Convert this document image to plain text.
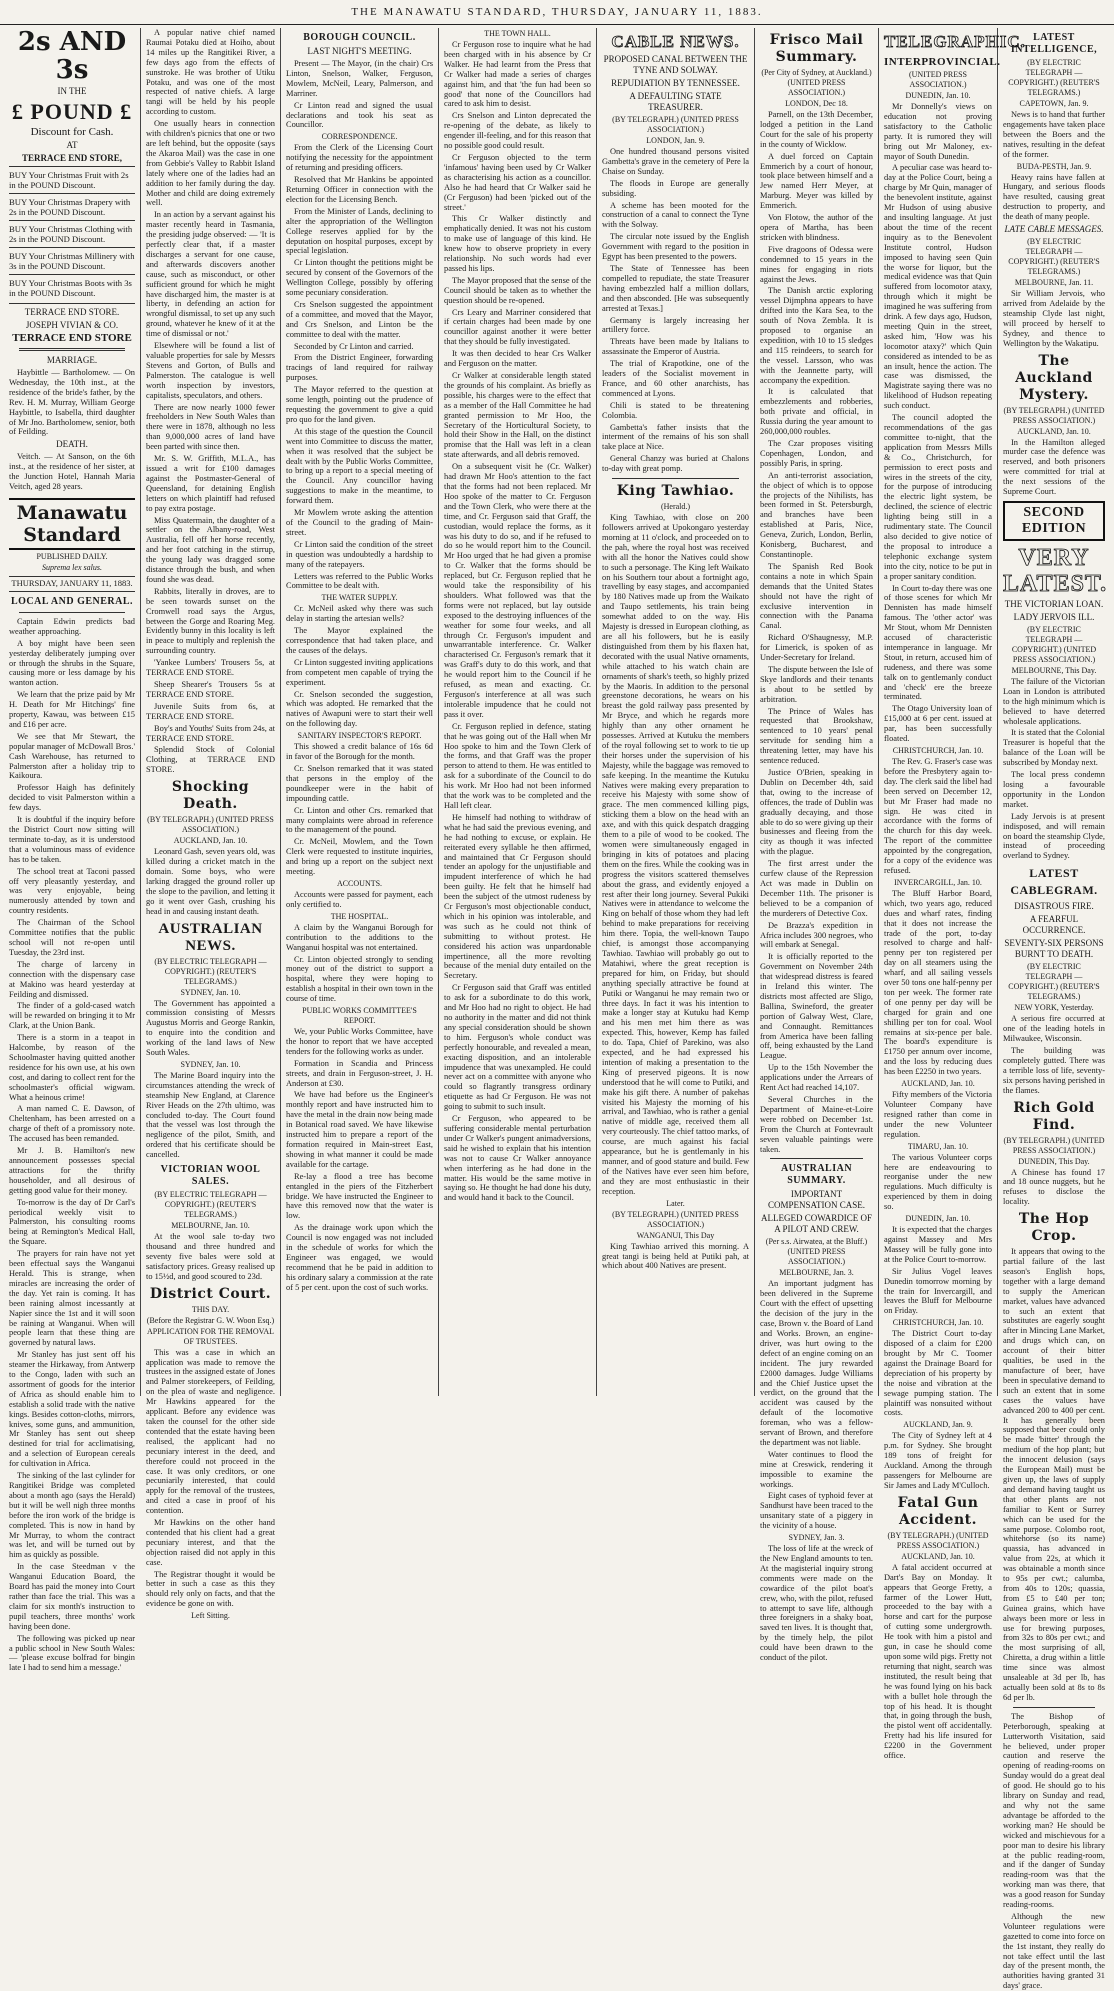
THE MANAWATU STANDARD, THURSDAY, JANUARY 11, 1883.
2s AND 3s
IN THE
£ POUND £
Discount for Cash.
AT
TERRACE END STORE,
BUY Your Christmas Fruit with 2s in the POUND Discount.
BUY Your Christmas Drapery with 2s in the POUND Discount.
BUY Your Christmas Clothing with 2s in the POUND Discount.
BUY Your Christmas Millinery with 3s in the POUND Discount.
BUY Your Christmas Boots with 3s in the POUND Discount.
TERRACE END STORE.
JOSEPH VIVIAN & CO.
TERRACE END STORE
MARRIAGE.

Haybittle — Bartholomew. — On Wednesday, the 10th inst., at the residence of the bride's father, by the Rev. H. M. Murray, William George Haybittle, to Isabella, third daughter of Mr Jno. Bartholomew, senior, both of Feilding.

DEATH.

Veitch. — At Sanson, on the 6th inst., at the residence of her sister, at the Junction Hotel, Hannah Maria Veitch, aged 28 years.

Manawatu Standard
PUBLISHED DAILY.
Suprema lex salus.
THURSDAY, JANUARY 11, 1883.
LOCAL AND GENERAL.

Captain Edwin predicts bad weather approaching.

A boy might have been seen yesterday deliberately jumping over or through the shrubs in the Square, causing more or less damage by his wanton action.

We learn that the prize paid by Mr H. Death for Mr Hitchings' fine property, Kawau, was between £15 and £16 per acre.

We see that Mr Stewart, the popular manager of McDowall Bros.' Cash Warehouse, has returned to Palmerston after a holiday trip to Kaikoura.

Professor Haigh has definitely decided to visit Palmerston within a few days.

It is doubtful if the inquiry before the District Court now sitting will terminate to-day, as it is understood that a voluminous mass of evidence has to be taken.

The school treat at Taconi passed off very pleasantly yesterday, and was very enjoyable, being numerously attended by town and country residents.

The Chairman of the School Committee notifies that the public school will not re-open until Tuesday, the 23rd inst.

The charge of larceny in connection with the dispensary case at Makino was heard yesterday at Feilding and dismissed.

The finder of a gold-cased watch will be rewarded on bringing it to Mr Clark, at the Union Bank.

There is a storm in a teapot in Halcombe, by reason of the Schoolmaster having quitted another residence for his own use, at his own cost, and daring to collect rent for the schoolmaster's official wigwam. What a heinous crime!

A man named C. E. Dawson, of Cheltenham, has been arrested on a charge of theft of a promissory note. The accused has been remanded.

Mr J. B. Hamilton's new announcement possesses special attractions for the thrifty householder, and all desirous of getting good value for their money.

To-morrow is the day of Dr Carl's periodical weekly visit to Palmerston, his consulting rooms being at Remington's Medical Hall, the Square.

The prayers for rain have not yet been effectual says the Wanganui Herald. This is strange, when miracles are increasing the order of the day. Yet rain is coming. It has been raining almost incessantly at Napier since the 1st and it will soon be raining at Wanganui. When will people learn that these thing are governed by natural laws.

Mr Stanley has just sent off his steamer the Hirkaway, from Antwerp to the Congo, laden with such an assortment of goods for the interior of Africa as should enable him to establish a solid trade with the native kings. Besides cotton-cloths, mirrors, knives, some guns, and ammunition, Mr Stanley has sent out sheep destined for trial for acclimatising, and a selection of European cereals for cultivation in Africa.

The sinking of the last cylinder for Rangitikei Bridge was completed about a month ago (says the Herald) but it will be well nigh three months before the iron work of the bridge is completed. This is now in hand by Mr Murray, to whom the contract was let, and will be turned out by him as quickly as possible.

In the case Steedman v the Wanganui Education Board, the Board has paid the money into Court rather than face the trial. This was a claim for six month's instruction to pupil teachers, three months' work having been done.

The following was picked up near a public school in New South Wales: — 'please excuse bolfrad for bingin late I had to send him a message.'

A popular native chief named Raumai Potaku died at Hoiho, about 14 miles up the Rangitikei River, a few days ago from the effects of sunstroke. He was brother of Utiku Potaku, and was one of the most respected of native chiefs. A large tangi will be held by his people according to custom.

One usually hears in connection with children's picnics that one or two are left behind, but the opposite (says the Akaroa Mail) was the case in one from Gebbie's Valley to Rabbit Island lately where one of the ladies had an addition to her family during the day. Mother and child are doing extremely well.

In an action by a servant against his master recently heard in Tasmania, the presiding judge observed: — 'It is perfectly clear that, if a master discharges a servant for one cause, and afterwards discovers another cause, such as misconduct, or other sufficient ground for which he might have discharged him, the master is at liberty, in defending an action for wrongful dismissal, to set up any such ground, whatever he knew of it at the time of dismissal or not.'

Elsewhere will be found a list of valuable properties for sale by Messrs Stevens and Gorton, of Bulls and Palmerston. The catalogue is well worth inspection by investors, capitalists, speculators, and others.

There are now nearly 1000 fewer freeholders in New South Wales than there were in 1878, although no less than 9,000,000 acres of land have been parted with since then.

Mr. S. W. Griffith, M.L.A., has issued a writ for £100 damages against the Postmaster-General of Queensland, for detaining English letters on which plaintiff had refused to pay extra postage.

Miss Quatermain, the daughter of a settler on the Albany-road, West Australia, fell off her horse recently, and her foot catching in the stirrup, the young lady was dragged some distance through the bush, and when found she was dead.

Rabbits, literally in droves, are to be seen towards sunset on the Cromwell road says the Argus, between the Gorge and Roaring Meg. Evidently bunny in this locality is left in peace to multiply and replenish the surrounding country.

'Yankee Lumbers' Trousers 5s, at TERRACE END STORE.

Sheep Shearer's Trousers 5s at TERRACE END STORE.

Juvenile Suits from 6s, at TERRACE END STORE.

Boy's and Youths' Suits from 24s, at TERRACE END STORE.

Splendid Stock of Colonial Clothing, at TERRACE END STORE.

Shocking Death.
(BY TELEGRAPH.) (UNITED PRESS ASSOCIATION.)
AUCKLAND, Jan. 10.

Leonard Gash, seven years old, was killed during a cricket match in the domain. Some boys, who were larking dragged the ground roller up the slope to the pavilion, and letting it go it went over Gash, crushing his head in and causing instant death.

AUSTRALIAN NEWS.
(BY ELECTRIC TELEGRAPH — COPYRIGHT.) (REUTER'S TELEGRAMS.)
SYDNEY, Jan. 10.

The Government has appointed a commission consisting of Messrs Augustus Morris and George Rankin, to enquire into the condition and working of the land laws of New South Wales.

SYDNEY, Jan. 10.

The Marine Board inquiry into the circumstances attending the wreck of steamship New England, at Clarence River Heads on the 27th ultimo, was concluded to-day. The Court found that the vessel was lost through the negligence of the pilot, Smith, and ordered that his certificate should be cancelled.

VICTORIAN WOOL SALES.
(BY ELECTRIC TELEGRAPH — COPYRIGHT.) (REUTER'S TELEGRAMS.)
MELBOURNE, Jan. 10.

At the wool sale to-day two thousand and three hundred and seventy five bales were sold at satisfactory prices. Greasy realised up to 15½d, and good scoured to 23d.

District Court.
THIS DAY.
(Before the Registrar G. W. Woon Esq.)
APPLICATION FOR THE REMOVAL OF TRUSTEES.

This was a case in which an application was made to remove the trustees in the assigned estate of Jones and Palmer storekeepers, of Feilding, on the plea of waste and negligence. Mr Hawkins appeared for the applicant. Before any evidence was taken the counsel for the other side contended that the estate having been realised, the applicant had no pecuniary interest in the deed, and therefore could not proceed in the case. It was only creditors, or one pecuniarily interested, that could apply for the removal of the trustees, and cited a case in proof of his contention.

Mr Hawkins on the other hand contended that his client had a great pecuniary interest, and that the objection raised did not apply in this case.

The Registrar thought it would be better in such a case as this they should rely only on facts, and that the evidence be gone on with.

Left Sitting.
BOROUGH COUNCIL.
LAST NIGHT'S MEETING.

Present — The Mayor, (in the chair) Crs Linton, Snelson, Walker, Ferguson, Mowlem, McNeil, Leary, Palmerson, and Marriner.

Cr Linton read and signed the usual declarations and took his seat as Councillor.

CORRESPONDENCE.

From the Clerk of the Licensing Court notifying the necessity for the appointment of returning and presiding officers.

Resolved that Mr Hankins be appointed Returning Officer in connection with the election for the Licensing Bench.

From the Minister of Lands, declining to alter the appropriation of the Wellington College reserves applied for by the deputation on hospital purposes, except by special legislation.

Cr Linton thought the petitions might be secured by consent of the Governors of the Wellington College, possibly by offering some pecuniary consideration.

Crs Snelson suggested the appointment of a committee, and moved that the Mayor, and Crs Snelson, and Linton be the committee to deal with the matter.

Seconded by Cr Linton and carried.

From the District Engineer, forwarding tracings of land required for railway purposes.

The Mayor referred to the question at some length, pointing out the prudence of requesting the government to give a quid pro quo for the land given.

At this stage of the question the Council went into Committee to discuss the matter, when it was resolved that the subject be dealt with by the Public Works Committee, to bring up a report to a special meeting of the Council. Any councillor having suggestions to make in the meantime, to forward them.

Mr Mowlem wrote asking the attention of the Council to the grading of Main-street.

Cr Linton said the condition of the street in question was undoubtedly a hardship to many of the ratepayers.

Letters was referred to the Public Works Committee to be dealt with.

THE WATER SUPPLY.

Cr. McNeil asked why there was such delay in starting the artesian wells?

The Mayor explained the correspondence that had taken place, and the causes of the delays.

Cr Linton suggested inviting applications from competent men capable of trying the experiment.

Cr. Snelson seconded the suggestion, which was adopted. He remarked that the natives of Awapuni were to start their well on the following day.

SANITARY INSPECTOR'S REPORT.

This showed a credit balance of 16s 6d in favor of the Borough for the month.

Cr. Snelson remarked that it was stated that persons in the employ of the poundkeeper were in the habit of impounding cattle.

Cr. Linton and other Crs. remarked that many complaints were abroad in reference to the management of the pound.

Cr. McNeil, Mowlem, and the Town Clerk were requested to institute inquiries, and bring up a report on the subject next meeting.

ACCOUNTS.

Accounts were passed for payment, each only certified to.

THE HOSPITAL.

A claim by the Wanganui Borough for contribution to the additions to the Wanganui hospital was not entertained.

Cr. Linton objected strongly to sending money out of the district to support a hospital, where they were hoping to establish a hospital in their own town in the course of time.

PUBLIC WORKS COMMITTEE'S REPORT.

We, your Public Works Committee, have the honor to report that we have accepted tenders for the following works as under.

Formation in Scandia and Princess streets, and drain in Ferguson-street, J. H. Anderson at £30.

We have had before us the Engineer's monthly report and have instructed him to have the metal in the drain now being made in Botanical road saved. We have likewise instructed him to prepare a report of the formation required in Main-street East, showing in what manner it could be made available for the cartage.

Re-lay a flood a tree has become entangled in the piers of the Fitzherbert bridge. We have instructed the Engineer to have this removed now that the water is low.

As the drainage work upon which the Council is now engaged was not included in the schedule of works for which the Engineer was engaged, we would recommend that he be paid in addition to his ordinary salary a commission at the rate of 5 per cent. upon the cost of such works.

THE TOWN HALL.

Cr Ferguson rose to inquire what he had been charged with in his absence by Cr Walker. He had learnt from the Press that Cr Walker had made a series of charges against him, and that 'the fun had been so good' that none of the Councillors had cared to ask him to desist.

Crs Snelson and Linton deprecated the re-opening of the debate, as likely to engender ill-feeling, and for this reason that no possible good could result.

Cr Ferguson objected to the term 'infamous' having been used by Cr Walker as characterising his action as a councillor. Also he had heard that Cr Walker said he (Cr Ferguson) had been 'picked out of the street.'

This Cr Walker distinctly and emphatically denied. It was not his custom to make use of language of this kind. He knew how to observe propriety in every relationship. No such words had ever passed his lips.

The Mayor proposed that the sense of the Council should be taken as to whether the question should be re-opened.

Crs Leary and Marriner considered that if certain charges had been made by one councillor against another it were better that they should be fully investigated.

It was then decided to hear Crs Walker and Ferguson on the matter.

Cr Walker at considerable length stated the grounds of his complaint. As briefly as possible, his charges were to the effect that as a member of the Hall Committee he had granted permission to Mr Hoo, the Secretary of the Horticultural Society, to hold their Show in the Hall, on the distinct promise that the Hall was left in a clean state afterwards, and all debris removed.

On a subsequent visit he (Cr. Walker) had drawn Mr Hoo's attention to the fact that the forms had not been replaced. Mr Hoo spoke of the matter to Cr. Ferguson and the Town Clerk, who were there at the time, and Cr. Ferguson said that Graff, the custodian, would replace the forms, as it was his duty to do so, and if he refused to do so he would report him to the Council. Mr Hoo urged that he had given a promise to Cr. Walker that the forms should be replaced, but Cr. Ferguson replied that he would take the responsibility of his shoulders. What followed was that the forms were not replaced, but lay outside exposed to the destroying influences of the weather for some four weeks, and all through Cr. Ferguson's impudent and unwarrantable interference. Cr. Walker characterised Cr. Ferguson's remark that it was Graff's duty to do this work, and that he would report him to the Council if he refused, as mean and exacting. Cr. Ferguson's interference at all was such intolerable impudence that he could not pass it over.

Cr. Ferguson replied in defence, stating that he was going out of the Hall when Mr Hoo spoke to him and the Town Clerk of the forms, and that Graff was the proper person to attend to them. He was entitled to ask for a subordinate of the Council to do his work. Mr Hoo had not been informed that the work was to be completed and the Hall left clear.

He himself had nothing to withdraw of what he had said the previous evening, and he had nothing to excuse, or explain. He reiterated every syllable he then affirmed, and maintained that Cr Ferguson should tender an apology for the unjustifiable and impudent interference of which he had been guilty. He felt that he himself had been the subject of the utmost rudeness by Cr Ferguson's most objectionable conduct, which in his opinion was intolerable, and was such as he could not think of submitting to without protest. He considered his action was unpardonable impertinence, all the more revolting because of the menial duty entailed on the Secretary.

Cr Ferguson said that Graff was entitled to ask for a subordinate to do this work, and Mr Hoo had no right to object. He had no authority in the matter and did not think any special consideration should be shown to him. Ferguson's whole conduct was perfectly honourable, and revealed a mean, exacting disposition, and an intolerable impudence that was unexampled. He could never act on a committee with anyone who could so flagrantly transgress ordinary etiquette as had Cr Ferguson. He was not going to submit to such insult.

Cr Ferguson, who appeared to be suffering considerable mental perturbation under Cr Walker's pungent animadversions, said he wished to explain that his intention was not to cause Cr Walker annoyance when interfering as he had done in the matter. His would be the same motive in saying so. He thought he had done his duty, and would hand it back to the Council.

CABLE NEWS.
PROPOSED CANAL BETWEEN THE TYNE AND SOLWAY.
REPUDIATION BY TENNESSEE.
A DEFAULTING STATE TREASURER.
(BY TELEGRAPH.) (UNITED PRESS ASSOCIATION.)
LONDON, Jan. 9.

One hundred thousand persons visited Gambetta's grave in the cemetery of Pere la Chaise on Sunday.

The floods in Europe are generally subsiding.

A scheme has been mooted for the construction of a canal to connect the Tyne with the Solway.

The circular note issued by the English Government with regard to the position in Egypt has been presented to the powers.

The State of Tennessee has been compelled to repudiate, the state Treasurer having embezzled half a million dollars, and then absconded. [He was subsequently arrested at Texas.]

Germany is largely increasing her artillery force.

Threats have been made by Italians to assassinate the Emperor of Austria.

The trial of Krapotkine, one of the leaders of the Socialist movement in France, and 60 other anarchists, has commenced at Lyons.

Chili is stated to be threatening Colombia.

Gambetta's father insists that the interment of the remains of his son shall take place at Nice.

General Chanzy was buried at Chalons to-day with great pomp.

King Tawhiao.
(Herald.)

King Tawhiao, with close on 200 followers arrived at Upokongaro yesterday morning at 11 o'clock, and proceeded on to the pah, where the royal host was received with all the honor the Natives could show to such a personage. The King left Waikato on his Southern tour about a fortnight ago, travelling by easy stages, and accompanied by 180 Natives made up from the Waikato and Taupo settlements, his train being somewhat added to on the way. His Majesty is dressed in European clothing, as are all his followers, but he is easily distinguished from them by his flaxen hat, decorated with the usual Native ornaments, while attached to his watch chain are ornaments of shark's teeth, so highly prized by the Maoris. In addition to the personal greenstone decorations, he wears on his breast the gold railway pass presented by Mr Bryce, and which he regards more highly than any other ornament he possesses. Arrived at Kutuku the members of the royal following set to work to tie up their horses under the supervision of his Majesty, while the baggage was removed to safe keeping. In the meantime the Kutuku Natives were making every preparation to receive his Majesty with some show of grace. The men commenced killing pigs, sticking them a blow on the head with an axe, and with this quick despatch dragging them to a pile of wood to be cooked. The women were simultaneously engaged in bringing in kits of potatoes and placing them on the fires. While the cooking was in progress the visitors scattered themselves about the grass, and evidently enjoyed a rest after their long journey. Several Pukiki Natives were in attendance to welcome the King on behalf of those whom they had left behind to make preparations for receiving him there. Topia, the well-known Taupo chief, is amongst those accompanying Tawhiao. Tawhiao will probably go out to Matahiwi, where the great reception is prepared for him, on Friday, but should anything specially attractive be found at Putiki or Wanganui he may remain two or three days. In fact it was his intention to make a longer stay at Kutuku had Kemp and his men met him there as was expected. This, however, Kemp has failed to do. Tapa, Chief of Parekino, was also expected, and he had expressed his intention of making a presentation to the King of preserved pigeons. It is now understood that he will come to Putiki, and make his gift there. A number of pakehas visited his Majesty the morning of his arrival, and Tawhiao, who is rather a genial native of middle age, received them all very courteously. The chief tattoo marks, of course, are much against his facial appearance, but he is gentlemanly in his manner, and of good stature and build. Few of the Natives have ever seen him before, and they are most enthusiastic in their reception.

Later.
(BY TELEGRAPH.) (UNITED PRESS ASSOCIATION.)
WANGANUI, This Day

King Tawhiao arrived this morning. A great tangi is being held at Putiki pah, at which about 400 Natives are present.

Frisco Mail Summary.
(Per City of Sydney, at Auckland.) (UNITED PRESS ASSOCIATION.)
LONDON, Dec 18.

Parnell, on the 13th December, lodged a petition in the Land Court for the sale of his property in the county of Wicklow.

A duel forced on Captain Emmerich by a court of honour, took place between himself and a Jew named Herr Meyer, at Marburg. Meyer was killed by Emmerich.

Von Flotow, the author of the opera of Martha, has been stricken with blindness.

Five dragoons of Odessa were condemned to 15 years in the mines for engaging in riots against the Jews.

The Danish arctic exploring vessel Dijmphna appears to have drifted into the Kara Sea, to the south of Nova Zembla. It is proposed to organise an expedition, with 10 to 15 sledges and 115 reindeers, to search for the vessel. Larsson, who was with the Jeannette party, will accompany the expedition.

It is calculated that embezzlements and robberies, both private and official, in Russia during the year amount to 260,000,000 roubles.

The Czar proposes visiting Copenhagen, London, and possibly Paris, in spring.

An anti-terrorist association, the object of which is to oppose the projects of the Nihilists, has been formed in St. Petersburgh, and branches have been established at Paris, Nice, Geneva, Zurich, London, Berlin, Konisberg, Bucharest, and Constantinople.

The Spanish Red Book contains a note in which Spain demands that the United States should not have the right of exclusive intervention in connection with the Panama Canal.

Richard O'Shaugnessy, M.P. for Limerick, is spoken of as Under-Secretary for Ireland.

The dispute between the Isle of Skye landlords and their tenants is about to be settled by arbitration.

The Prince of Wales has requested that Brookshaw, sentenced to 10 years' penal servitude for sending him a threatening letter, may have his sentence reduced.

Justice O'Brien, speaking in Dublin on December 4th, said that, owing to the increase of offences, the trade of Dublin was gradually decaying, and those able to do so were giving up their businesses and fleeing from the city as though it was infected with the plague.

The first arrest under the curfew clause of the Repression Act was made in Dublin on December 11th. The prisoner is believed to be a companion of the murderers of Detective Cox.

De Brazza's expedition in Africa includes 300 negroes, who will embark at Senegal.

It is officially reported to the Government on November 24th that widespread distress is feared in Ireland this winter. The districts most affected are Sligo, Ballina, Swineford, the greater portion of Galway West, Clare, and Connaught. Remittances from America have been falling off, being exhausted by the Land League.

Up to the 15th November the applications under the Arrears of Rent Act had reached 14,107.

Several Churches in the Department of Maine-et-Loire were robbed on December 1st. From the Church at Fontevrault seven valuable paintings were taken.

AUSTRALIAN SUMMARY.
IMPORTANT COMPENSATION CASE.
ALLEGED COWARDICE OF A PILOT AND CREW.
(Per s.s. Airwatea, at the Bluff.) (UNITED PRESS ASSOCIATION.)
MELBOURNE, Jan. 3.

An important judgment has been delivered in the Supreme Court with the effect of upsetting the decision of the jury in the case, Brown v. the Board of Land and Works. Brown, an engine-driver, was hurt owing to the defect of an engine coming on an incident. The jury rewarded £2000 damages. Judge Williams and the Chief Justice upset the verdict, on the ground that the accident was caused by the default of the locomotive foreman, who was a fellow-servant of Brown, and therefore the department was not liable.

Water continues to flood the mine at Creswick, rendering it impossible to examine the workings.

Eight cases of typhoid fever at Sandhurst have been traced to the unsanitary state of a piggery in the vicinity of a house.

SYDNEY, Jan. 3.

The loss of life at the wreck of the New England amounts to ten. At the magisterial inquiry strong comments were made on the cowardice of the pilot boat's crew, who, with the pilot, refused to attempt to save life, although three foreigners in a shaky boat, saved ten lives. It is thought that, by the timely help, the pilot could have been drawn to the conduct of the pilot.

TELEGRAPHIC.
INTERPROVINCIAL.
(UNITED PRESS ASSOCIATION.)
DUNEDIN, Jan. 10.

Mr Donnelly's views on education not proving satisfactory to the Catholic party. It is rumored they will bring out Mr Maloney, ex-mayor of South Dunedin.

A peculiar case was heard to-day at the Police Court, being a charge by Mr Quin, manager of the benevolent institute, against Mr Hudson of using abusive and insulting language. At just about the time of the recent inquiry as to the Benevolent Institute control, Hudson imposed to having seen Quin the worse for liquor, but the medical evidence was that Quin suffered from locomotor ataxy, through which it might be imagined he was suffering from drink. A few days ago, Hudson, meeting Quin in the street, asked him, 'How was his locomotor ataxy?' which Quin considered as intended to be as an insult, hence the action. The case was dismissed, the Magistrate saying there was no likelihood of Hudson repeating such conduct.

The council adopted the recommendations of the gas committee to-night, that the application from Messrs Mills & Co., Christchurch, for permission to erect posts and wires in the streets of the city, for the purpose of introducing the electric light system, be declined, the science of electric lighting being still in a rudimentary state. The Council also decided to give notice of the proposal to introduce a telephonic exchange system into the city, notice to be put in a proper sanitary condition.

In Court to-day there was one of those scenes for which Mr Dennisten has made himself famous. The 'other actor' was Mr Stout, whom Mr Dennisten accused of characteristic intemperance in language. Mr Stout, in return, accused him of rudeness, and there was some talk on to gentlemanly conduct and 'check' ere the breeze terminated.

The Otago University loan of £15,000 at 6 per cent. issued at par, has been successfully floated.

CHRISTCHURCH, Jan. 10.

The Rev. G. Fraser's case was before the Presbytery again to-day. The clerk said the libel had been served on December 12, but Mr Fraser had made no sign. He was cited in accordance with the forms of the church for this day week. The report of the committee appointed by the congregation, for a copy of the evidence was refused.

INVERCARGILL, Jan. 10.

The Bluff Harbor Board, which, two years ago, reduced dues and wharf rates, finding that it does not increase the trade of the port, to-day resolved to charge and half-penny per ton registered per day on all steamers using the wharf, and all sailing vessels over 50 tons one half-penny per ton per week. The former rate of one penny per day will be charged for grain and one shilling per ton for coal. Wool remains at six-pence per bale. The board's expenditure is £1750 per annum over income, and the loss by reducing dues has been £2250 in two years.

AUCKLAND, Jan. 10.

Fifty members of the Victoria Volunteer Company have resigned rather than come in under the new Volunteer regulation.

TIMARU, Jan. 10.

The various Volunteer corps here are endeavouring to reorganise under the new regulations. Much difficulty is experienced by them in doing so.

DUNEDIN, Jan. 10.

It is expected that the charges against Massey and Mrs Massey will be fully gone into at the Police Court to-morrow.

Sir Julius Vogel leaves Dunedin tomorrow morning by the train for Invercargill, and leaves the Bluff for Melbourne on Friday.

CHRISTCHURCH, Jan. 10.

The District Court to-day disposed of a claim for £200 brought by Mr C. Toomer against the Drainage Board for depreciation of his property by the noise and vibration at the sewage pumping station. The plaintiff was nonsuited without costs.

AUCKLAND, Jan. 9.

The City of Sydney left at 4 p.m. for Sydney. She brought 189 tons of freight for Auckland. Among the through passengers for Melbourne are Sir James and Lady M'Culloch.

Fatal Gun Accident.
(BY TELEGRAPH.) (UNITED PRESS ASSOCIATION.)
AUCKLAND, Jan. 10.

A fatal accident occurred at Dart's Bay on Monday. It appears that George Fretty, a farmer of the Lower Hutt, proceeded to the bay with a horse and cart for the purpose of cutting some undergrowth. He took with him a pistol and gun, in case he should come upon some wild pigs. Fretty not returning that night, search was instituted, the result being that he was found lying on his back with a bullet hole through the top of his head. It is thought that, in going through the bush, the pistol went off accidentally. Fretty had his life insured for £2200 in the Government office.

LATEST INTELLIGENCE,
(BY ELECTRIC TELEGRAPH — COPYRIGHT.) (REUTER'S TELEGRAMS.)
CAPETOWN, Jan. 9.

News is to hand that further engagements have taken place between the Boers and the natives, resulting in the defeat of the former.

BUDA-PESTH, Jan. 9.

Heavy rains have fallen at Hungary, and serious floods have resulted, causing great destruction to property, and the death of many people.

LATE CABLE MESSAGES.
(BY ELECTRIC TELEGRAPH — COPYRIGHT.) (REUTER'S TELEGRAMS.)
MELBOURNE, Jan. 11.

Sir William Jervois, who arrived from Adelaide by the steamship Clyde last night, will proceed by herself to Sydney, and thence to Wellington by the Wakatipu.

The Auckland Mystery.
(BY TELEGRAPH.) (UNITED PRESS ASSOCIATION.)
AUCKLAND, Jan. 10.

In the Hamilton alleged murder case the defence was reserved, and both prisoners were committed for trial at the next sessions of the Supreme Court.

SECOND EDITION
VERY LATEST.
THE VICTORIAN LOAN.
LADY JERVOIS ILL.
(BY ELECTRIC TELEGRAPH — COPYRIGHT.) (UNITED PRESS ASSOCIATION.)
MELBOURNE, This Day.

The failure of the Victorian Loan in London is attributed to the high minimum which is believed to have deterred wholesale applications.

It is stated that the Colonial Treasurer is hopeful that the balance of the Loan will be subscribed by Monday next.

The local press condemn losing a favourable opportunity in the London market.

Lady Jervois is at present indisposed, and will remain on board the steamship Clyde, instead of proceeding overland to Sydney.

LATEST CABLEGRAM.
DISASTROUS FIRE.
A FEARFUL OCCURRENCE.
SEVENTY-SIX PERSONS BURNT TO DEATH.
(BY ELECTRIC TELEGRAPH — COPYRIGHT.) (REUTER'S TELEGRAMS.)
NEW YORK, Yesterday.

A serious fire occurred at one of the leading hotels in Milwaukee, Wisconsin.

The building was completely gutted. There was a terrible loss of life, seventy-six persons having perished in the flames.

Rich Gold Find.
(BY TELEGRAPH.) (UNITED PRESS ASSOCIATION.)
DUNEDIN, This Day.

A Chinese has found 17 and 18 ounce nuggets, but he refuses to disclose the locality.

The Hop Crop.

It appears that owing to the partial failure of the last season's English hops, together with a large demand to supply the American market, values have advanced to such an extent that substitutes are eagerly sought after in Mincing Lane Market, and drugs which can, on account of their bitter qualities, be used in the manufacture of beer, have been in speculative demand to such an extent that in some cases the values have advanced 200 to 400 per cent. It has generally been supposed that beer could only be made 'bitter' through the medium of the hop plant; but the innocent delusion (says the European Mail) must be given up, the laws of supply and demand having taught us that other plants are not familiar to Kent or Surrey which can be used for the same purpose. Colombo root, whitehorse (so its name) quassia, has advanced in value from 22s, at which it was obtainable a month since to 95s per cwt.; calumba, from 40s to 120s; quassia, from £5 to £40 per ton; Guinea grains, which have always been more or less in use for brewing purposes, from 32s to 80s per cwt.; and the most surprising of all, Chiretta, a drug within a little time since was almost unsaleable at 3d per lb, has actually been sold at 8s to 8s 6d per lb.

The Bishop of Peterborough, speaking at Lutterworth Visitation, said he believed, under proper caution and reserve the opening of reading-rooms on Sunday would do a great deal of good. He should go to his library on Sunday and read, and why not the same advantage be afforded to the working man? He should be wicked and mischievous for a poor man to desire his library at the public reading-room, and if the danger of Sunday reading-room was that the working man was there, that was a good reason for Sunday reading-rooms.

Although the new Volunteer regulations were gazetted to come into force on the 1st instant, they really do not take effect until the last day of the present month, the authorities having granted 31 days' grace.
